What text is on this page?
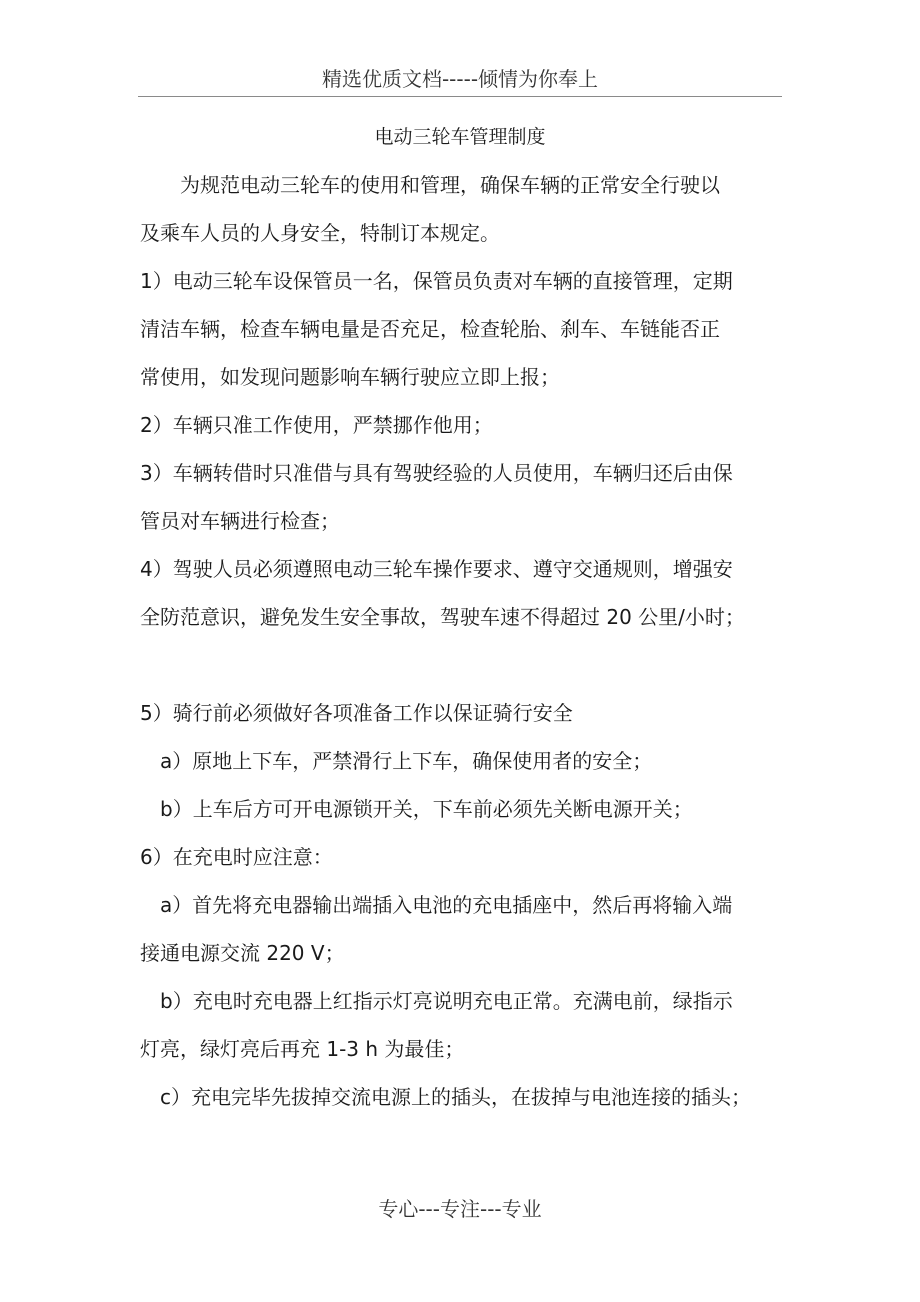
精选优质文档-----倾情为你奉上
电动三轮车管理制度
为规范电动三轮车的使用和管理，确保车辆的正常安全行驶以
及乘车人员的人身安全，特制订本规定。
1）电动三轮车设保管员一名，保管员负责对车辆的直接管理，定期
清洁车辆，检查车辆电量是否充足，检查轮胎、刹车、车链能否正
常使用，如发现问题影响车辆行驶应立即上报；
2）车辆只准工作使用，严禁挪作他用；
3）车辆转借时只准借与具有驾驶经验的人员使用，车辆归还后由保
管员对车辆进行检查；
4）驾驶人员必须遵照电动三轮车操作要求、遵守交通规则，增强安
全防范意识，避免发生安全事故，驾驶车速不得超过 20 公里/小时；
5）骑行前必须做好各项准备工作以保证骑行安全
a）原地上下车，严禁滑行上下车，确保使用者的安全；
b）上车后方可开电源锁开关，下车前必须先关断电源开关；
6）在充电时应注意：
a）首先将充电器输出端插入电池的充电插座中，然后再将输入端
接通电源交流 220 V；
b）充电时充电器上红指示灯亮说明充电正常。充满电前，绿指示
灯亮，绿灯亮后再充 1-3 h 为最佳；
c）充电完毕先拔掉交流电源上的插头，在拔掉与电池连接的插头；
专心---专注---专业
